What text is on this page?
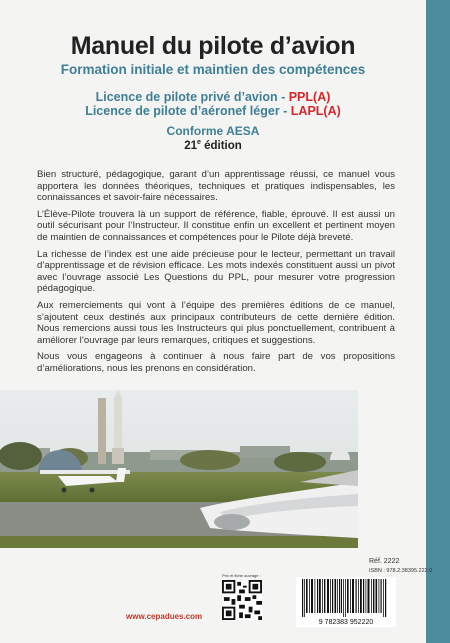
Manuel du pilote d’avion
Formation initiale et maintien des compétences
Licence de pilote privé d’avion - PPL(A)
Licence de pilote d’aéronef léger - LAPL(A)
Conforme AESA
21e édition

Bien structuré, pédagogique, garant d’un apprentissage réussi, ce manuel vous apportera les données théoriques, techniques et pratiques indispensables, les connaissances et savoir-faire nécessaires.

L’Élève-Pilote trouvera là un support de référence, fiable, éprouvé. Il est aussi un outil sécurisant pour l’Instructeur. Il constitue enfin un excellent et pertinent moyen de maintien de connaissances et compétences pour le Pilote déjà breveté.

La richesse de l’index est une aide précieuse pour le lecteur, permettant un travail d’apprentissage et de révision efficace. Les mots indexés constituent aussi un pivot avec l’ouvrage associé Les Questions du PPL, pour mesurer votre progression pédagogique.

Aux remerciements qui vont à l’équipe des premières éditions de ce manuel, s’ajoutent ceux destinés aux principaux contributeurs de cette dernière édition. Nous remercions aussi tous les Instructeurs qui plus ponctuellement, contribuent à améliorer l’ouvrage par leurs remarques, critiques et suggestions.

Nous vous engageons à continuer à nous faire part de vos propositions d’améliorations, nous les prenons en considération.

Réf. 2222
ISBN : 978.2.38395.222.0
Prix et fiche ouvrage :
www.cepadues.com
9 782383 952220
